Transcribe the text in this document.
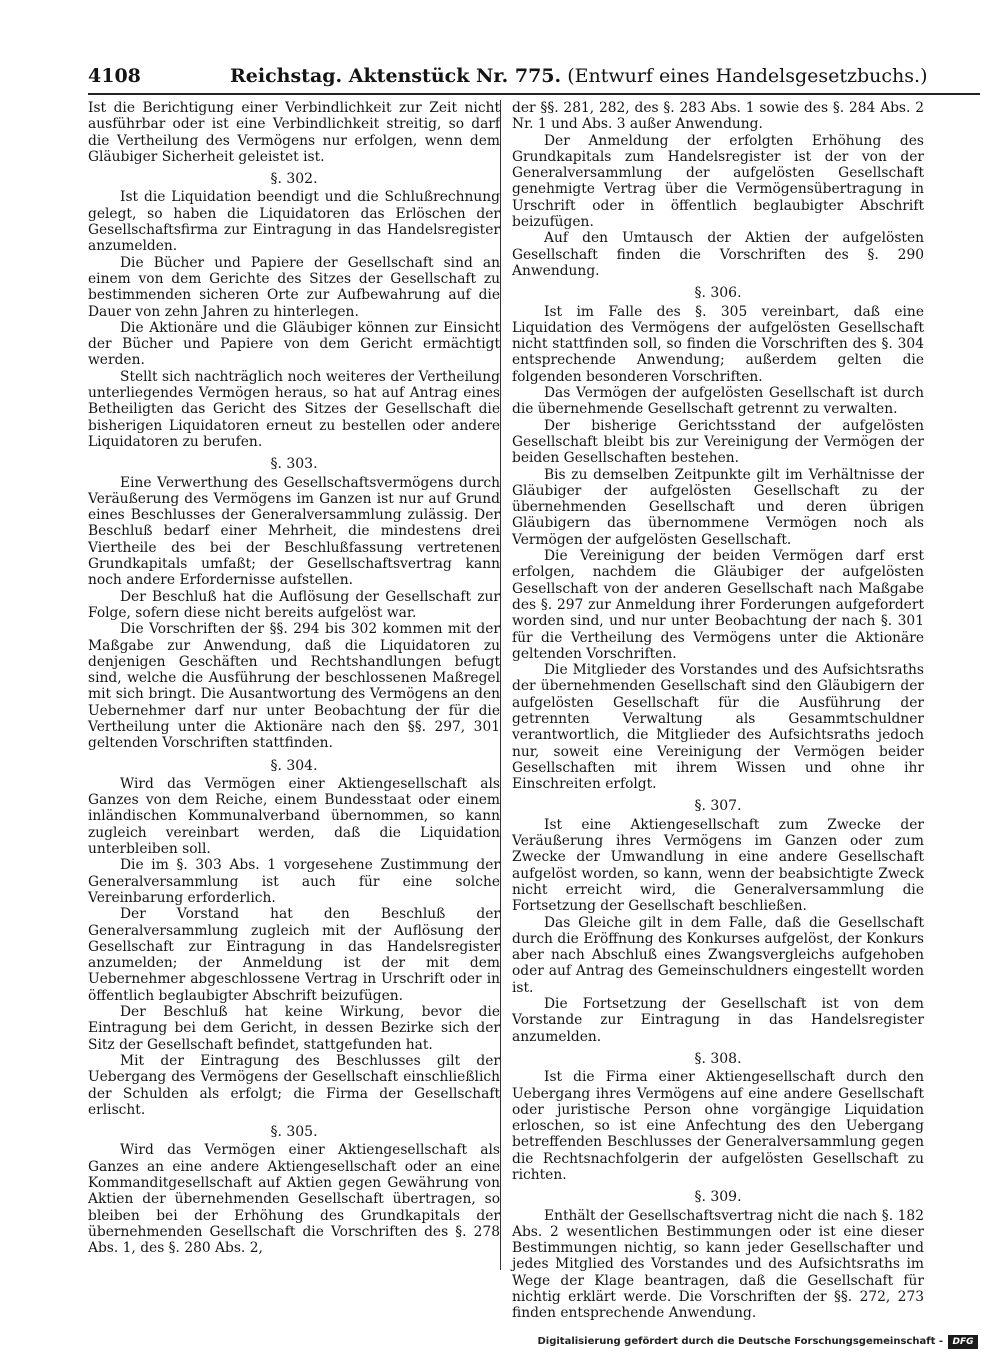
4108	Reichstag. Aktenstück Nr. 775. (Entwurf eines Handelsgesetzbuchs.)

Ist die Berichtigung einer Verbindlichkeit zur Zeit nicht ausführbar oder ist eine Verbindlichkeit streitig, so darf die Vertheilung des Vermögens nur erfolgen, wenn dem Gläubiger Sicherheit geleistet ist.

§. 302.

Ist die Liquidation beendigt und die Schlußrechnung gelegt, so haben die Liquidatoren das Erlöschen der Gesellschaftsfirma zur Eintragung in das Handelsregister anzumelden.

Die Bücher und Papiere der Gesellschaft sind an einem von dem Gerichte des Sitzes der Gesellschaft zu bestimmenden sicheren Orte zur Aufbewahrung auf die Dauer von zehn Jahren zu hinterlegen.

Die Aktionäre und die Gläubiger können zur Einsicht der Bücher und Papiere von dem Gericht ermächtigt werden.

Stellt sich nachträglich noch weiteres der Vertheilung unterliegendes Vermögen heraus, so hat auf Antrag eines Betheiligten das Gericht des Sitzes der Gesellschaft die bisherigen Liquidatoren erneut zu bestellen oder andere Liquidatoren zu berufen.

§. 303.

Eine Verwerthung des Gesellschaftsvermögens durch Veräußerung des Vermögens im Ganzen ist nur auf Grund eines Beschlusses der Generalversammlung zulässig. Der Beschluß bedarf einer Mehrheit, die mindestens drei Viertheile des bei der Beschlußfassung vertretenen Grundkapitals umfaßt; der Gesellschaftsvertrag kann noch andere Erfordernisse aufstellen.

Der Beschluß hat die Auflösung der Gesellschaft zur Folge, sofern diese nicht bereits aufgelöst war.

Die Vorschriften der §§. 294 bis 302 kommen mit der Maßgabe zur Anwendung, daß die Liquidatoren zu denjenigen Geschäften und Rechtshandlungen befugt sind, welche die Ausführung der beschlossenen Maßregel mit sich bringt. Die Ausantwortung des Vermögens an den Uebernehmer darf nur unter Beobachtung der für die Vertheilung unter die Aktionäre nach den §§. 297, 301 geltenden Vorschriften stattfinden.

§. 304.

Wird das Vermögen einer Aktiengesellschaft als Ganzes von dem Reiche, einem Bundesstaat oder einem inländischen Kommunalverband übernommen, so kann zugleich vereinbart werden, daß die Liquidation unterbleiben soll.

Die im §. 303 Abs. 1 vorgesehene Zustimmung der Generalversammlung ist auch für eine solche Vereinbarung erforderlich.

Der Vorstand hat den Beschluß der Generalversammlung zugleich mit der Auflösung der Gesellschaft zur Eintragung in das Handelsregister anzumelden; der Anmeldung ist der mit dem Uebernehmer abgeschlossene Vertrag in Urschrift oder in öffentlich beglaubigter Abschrift beizufügen.

Der Beschluß hat keine Wirkung, bevor die Eintragung bei dem Gericht, in dessen Bezirke sich der Sitz der Gesellschaft befindet, stattgefunden hat.

Mit der Eintragung des Beschlusses gilt der Uebergang des Vermögens der Gesellschaft einschließlich der Schulden als erfolgt; die Firma der Gesellschaft erlischt.

§. 305.

Wird das Vermögen einer Aktiengesellschaft als Ganzes an eine andere Aktiengesellschaft oder an eine Kommanditgesellschaft auf Aktien gegen Gewährung von Aktien der übernehmenden Gesellschaft übertragen, so bleiben bei der Erhöhung des Grundkapitals der übernehmenden Gesellschaft die Vorschriften des §. 278 Abs. 1, des §. 280 Abs. 2,

der §§. 281, 282, des §. 283 Abs. 1 sowie des §. 284 Abs. 2 Nr. 1 und Abs. 3 außer Anwendung.

Der Anmeldung der erfolgten Erhöhung des Grundkapitals zum Handelsregister ist der von der Generalversammlung der aufgelösten Gesellschaft genehmigte Vertrag über die Vermögensübertragung in Urschrift oder in öffentlich beglaubigter Abschrift beizufügen.

Auf den Umtausch der Aktien der aufgelösten Gesellschaft finden die Vorschriften des §. 290 Anwendung.

§. 306.

Ist im Falle des §. 305 vereinbart, daß eine Liquidation des Vermögens der aufgelösten Gesellschaft nicht stattfinden soll, so finden die Vorschriften des §. 304 entsprechende Anwendung; außerdem gelten die folgenden besonderen Vorschriften.

Das Vermögen der aufgelösten Gesellschaft ist durch die übernehmende Gesellschaft getrennt zu verwalten.

Der bisherige Gerichtsstand der aufgelösten Gesellschaft bleibt bis zur Vereinigung der Vermögen der beiden Gesellschaften bestehen.

Bis zu demselben Zeitpunkte gilt im Verhältnisse der Gläubiger der aufgelösten Gesellschaft zu der übernehmenden Gesellschaft und deren übrigen Gläubigern das übernommene Vermögen noch als Vermögen der aufgelösten Gesellschaft.

Die Vereinigung der beiden Vermögen darf erst erfolgen, nachdem die Gläubiger der aufgelösten Gesellschaft von der anderen Gesellschaft nach Maßgabe des §. 297 zur Anmeldung ihrer Forderungen aufgefordert worden sind, und nur unter Beobachtung der nach §. 301 für die Vertheilung des Vermögens unter die Aktionäre geltenden Vorschriften.

Die Mitglieder des Vorstandes und des Aufsichtsraths der übernehmenden Gesellschaft sind den Gläubigern der aufgelösten Gesellschaft für die Ausführung der getrennten Verwaltung als Gesammtschuldner verantwortlich, die Mitglieder des Aufsichtsraths jedoch nur, soweit eine Vereinigung der Vermögen beider Gesellschaften mit ihrem Wissen und ohne ihr Einschreiten erfolgt.

§. 307.

Ist eine Aktiengesellschaft zum Zwecke der Veräußerung ihres Vermögens im Ganzen oder zum Zwecke der Umwandlung in eine andere Gesellschaft aufgelöst worden, so kann, wenn der beabsichtigte Zweck nicht erreicht wird, die Generalversammlung die Fortsetzung der Gesellschaft beschließen.

Das Gleiche gilt in dem Falle, daß die Gesellschaft durch die Eröffnung des Konkurses aufgelöst, der Konkurs aber nach Abschluß eines Zwangsvergleichs aufgehoben oder auf Antrag des Gemeinschuldners eingestellt worden ist.

Die Fortsetzung der Gesellschaft ist von dem Vorstande zur Eintragung in das Handelsregister anzumelden.

§. 308.

Ist die Firma einer Aktiengesellschaft durch den Uebergang ihres Vermögens auf eine andere Gesellschaft oder juristische Person ohne vorgängige Liquidation erloschen, so ist eine Anfechtung des den Uebergang betreffenden Beschlusses der Generalversammlung gegen die Rechtsnachfolgerin der aufgelösten Gesellschaft zu richten.

§. 309.

Enthält der Gesellschaftsvertrag nicht die nach §. 182 Abs. 2 wesentlichen Bestimmungen oder ist eine dieser Bestimmungen nichtig, so kann jeder Gesellschafter und jedes Mitglied des Vorstandes und des Aufsichtsraths im Wege der Klage beantragen, daß die Gesellschaft für nichtig erklärt werde. Die Vorschriften der §§. 272, 273 finden entsprechende Anwendung.

Digitalisierung gefördert durch die Deutsche Forschungsgemeinschaft -	DFG
